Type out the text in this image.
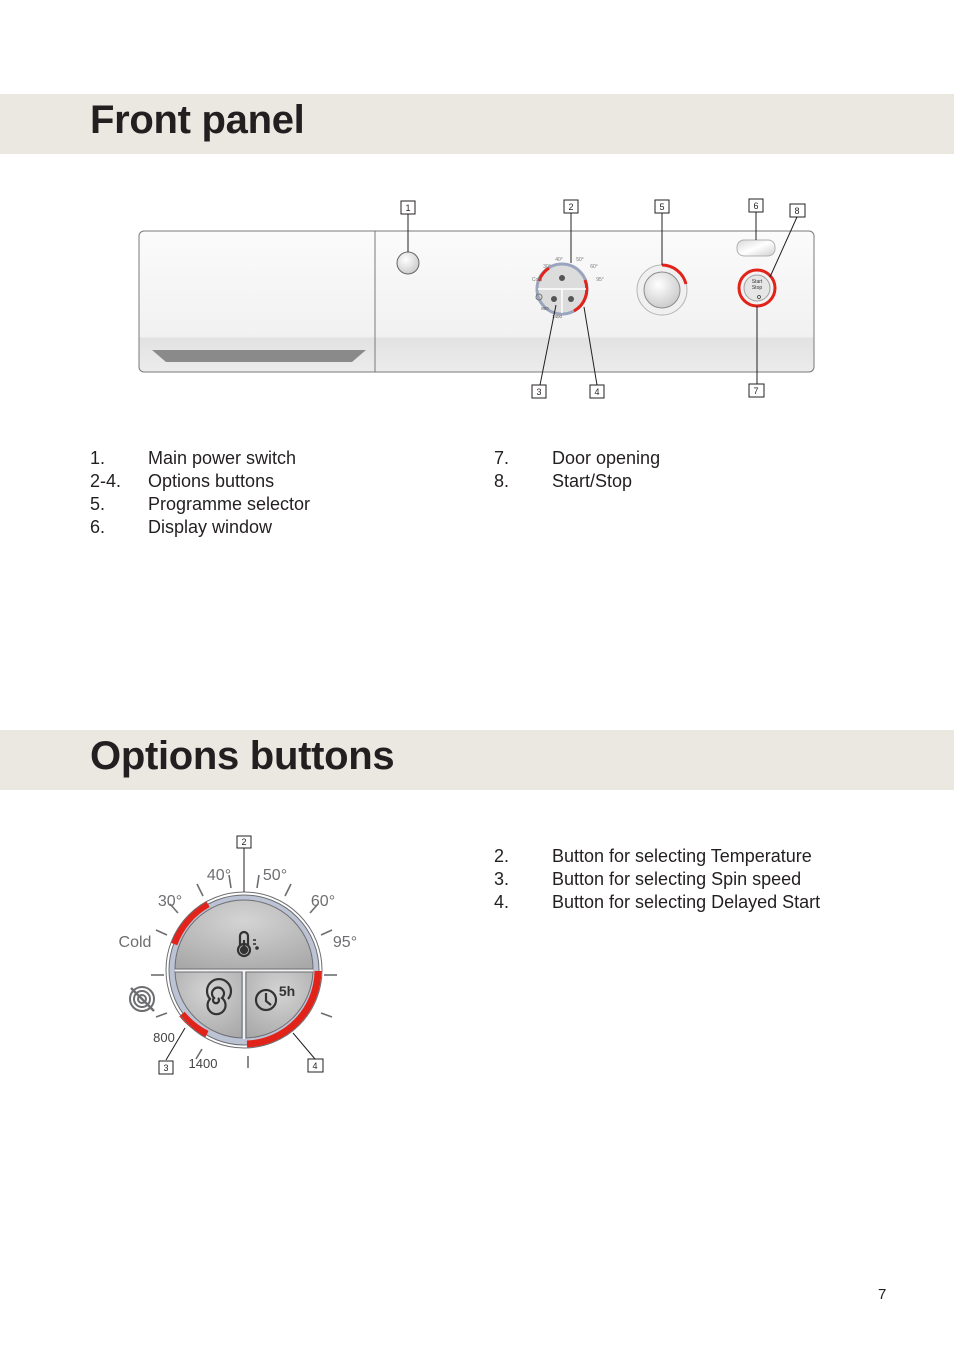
Front panel
40°	50°
30°	60°
Cold	95°
800
1400
Start
Stop
1	2	5	6	8
3	4	7
1. Main power switch
2-4. Options buttons
5. Programme selector
6. Display window
7. Door opening
8. Start/Stop
Options buttons
5h
40° 50°
30°	60°
Cold	95°
800
1400
2
3	4
2. Button for selecting Temperature
3. Button for selecting Spin speed
4. Button for selecting Delayed Start
7
